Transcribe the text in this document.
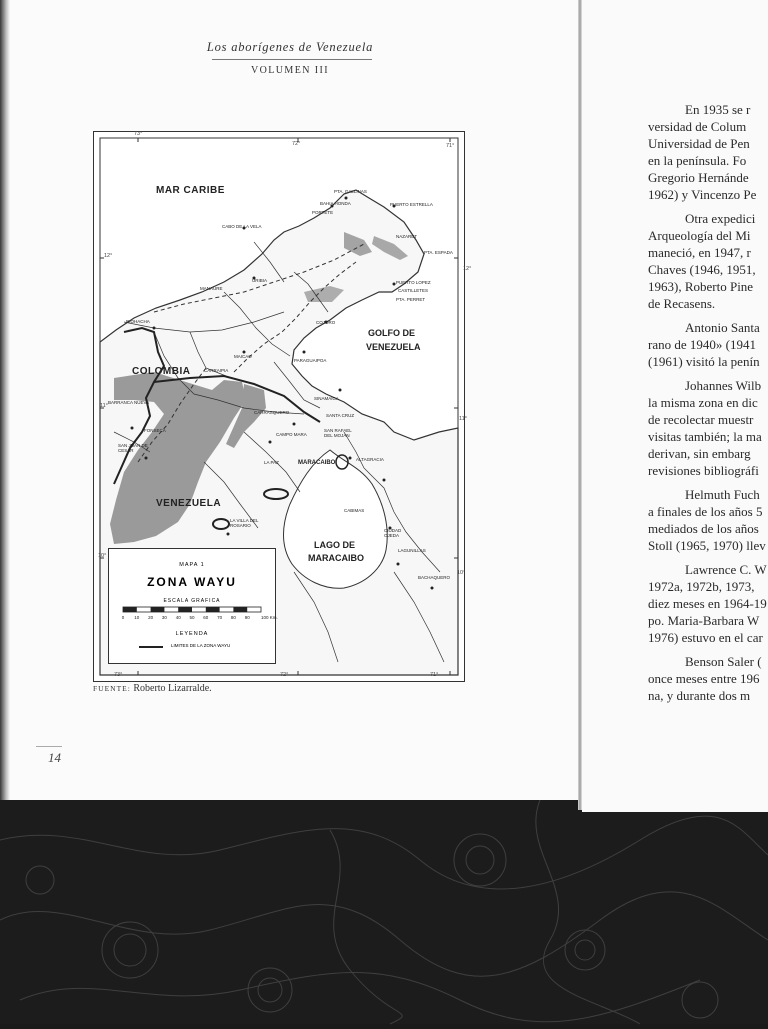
Los aborígenes de Venezuela
VOLUMEN III
73°
72°	71°
73°	72°	71°
12°
11°
10°
12°
11°
10°
MAR CARIBE
GOLFO DE
VENEZUELA
COLOMBIA
VENEZUELA
LAGO DE
MARACAIBO
PTA. GALLINAS
PUERTO ESTRELLA
BAHIA HONDA
PORTETE
CABO DE LA VELA
NAZARET
PTA. ESPADA
MANAURE
PUERTO LOPEZ
CASTILLETES
PTA. PERRET
RIOHACHA
URIBIA
COJORO
MAICAO
PARAGUAIPOA
CARRAIPIA
SINAMAICA
CARRASQUERO
CAMPO MARA
SAN RAFAEL DEL MOJAN
SANTA CRUZ
BARRANCA NUEVA
SAN JUAN DE CESAR
FONSECA
LA PAZ	MARACAIBO
ALTAGRACIA
CABIMAS
CIUDAD OJEDA
LAGUNILLAS
LA VILLA DEL ROSARIO
BACHAQUERO
MAPA 1
ZONA WAYU
ESCALA GRAFICA
0 10 20 30 40 50 60 70 80 90	100 Km.
LEYENDA
LIMITES DE LA ZONA WAYU
FUENTE: Roberto Lizarralde.
14
En 1935 se r
versidad de Colum
Universidad de Pen
en la península. Fo
Gregorio Hernánde
1962) y Vincenzo Pe
Otra expedici
Arqueología del Mi
maneció, en 1947, r
Chaves (1946, 1951,
1963), Roberto Pine
de Recasens.
Antonio Santa
rano de 1940» (1941
(1961) visitó la penín
Johannes Wilb
la misma zona en dic
de recolectar muestr
visitas también; la ma
derivan, sin embarg
revisiones bibliográfi
Helmuth Fuch
a finales de los años 5
mediados de los años
Stoll (1965, 1970) llev
Lawrence C. W
1972a, 1972b, 1973,
diez meses en 1964-19
po. Maria-Barbara W
1976) estuvo en el car
Benson Saler (
once meses entre 196
na, y durante dos m
